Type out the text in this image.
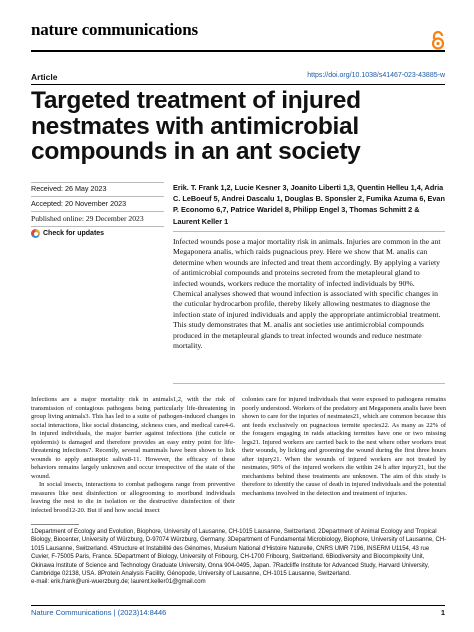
nature communications
Article	https://doi.org/10.1038/s41467-023-43885-w
Targeted treatment of injured nestmates with antimicrobial compounds in an ant society
Received: 26 May 2023
Accepted: 20 November 2023
Published online: 29 December 2023
Check for updates
Erik. T. Frank 1,2, Lucie Kesner 3, Joanito Liberti 1,3, Quentin Helleu 1,4, Adria C. LeBoeuf 5, Andrei Dascalu 1, Douglas B. Sponsler 2, Fumika Azuma 6, Evan P. Economo 6,7, Patrice Waridel 8, Philipp Engel 3, Thomas Schmitt 2 & Laurent Keller 1

Infected wounds pose a major mortality risk in animals. Injuries are common in the ant Megaponera analis, which raids pugnacious prey. Here we show that M. analis can determine when wounds are infected and treat them accordingly. By applying a variety of antimicrobial compounds and proteins secreted from the metapleural gland to infected wounds, workers reduce the mortality of infected individuals by 90%. Chemical analyses showed that wound infection is associated with specific changes in the cuticular hydrocarbon profile, thereby likely allowing nestmates to diagnose the infection state of injured individuals and apply the appropriate antimicrobial treatment. This study demonstrates that M. analis ant societies use antimicrobial compounds produced in the metapleural glands to treat infected wounds and reduce nestmate mortality.

Infections are a major mortality risk in animals1,2, with the risk of transmission of contagious pathogens being particularly life-threatening in group living animals3. This has led to a suite of pathogen-induced changes in social interactions, like social distancing, sickness cues, and medical care4-6. In injured individuals, the major barrier against infections (the cuticle or epidermis) is damaged and therefore provides an easy entry point for life-threatening infections7. Recently, several mammals have been shown to lick wounds to apply antiseptic saliva8-11. However, the efficacy of these behaviors remains largely unknown and occur irrespective of the state of the wound.

In social insects, interactions to combat pathogens range from preventive measures like nest disinfection or allogrooming to moribund individuals leaving the nest to die in isolation or the destructive disinfection of their infected brood12-20. But if and how social insect

colonies care for injured individuals that were exposed to pathogens remains poorly understood. Workers of the predatory ant Megaponera analis have been shown to care for the injuries of nestmates21, which are common because this ant feeds exclusively on pugnacious termite species22. As many as 22% of the foragers engaging in raids attacking termites have one or two missing legs21. Injured workers are carried back to the nest where other workers treat their wounds, by licking and grooming the wound during the first three hours after injury21. When the wounds of injured workers are not treated by nestmates, 90% of the injured workers die within 24 h after injury21, but the mechanisms behind these treatments are unknown. The aim of this study is therefore to identify the cause of death in injured individuals and the potential mechanisms involved in the detection and treatment of injuries.

1Department of Ecology and Evolution, Biophore, University of Lausanne, CH-1015 Lausanne, Switzerland. 2Department of Animal Ecology and Tropical Biology, Biocenter, University of Würzburg, D-97074 Würzburg, Germany. 3Department of Fundamental Microbiology, Biophore, University of Lausanne, CH-1015 Lausanne, Switzerland. 4Structure et Instabilité des Génomes, Muséum National d'Histoire Naturelle, CNRS UMR 7196, INSERM U1154, 43 rue Cuvier, F-75005 Paris, France. 5Department of Biology, University of Fribourg, CH-1700 Fribourg, Switzerland. 6Biodiversity and Biocomplexity Unit, Okinawa Institute of Science and Technology Graduate University, Onna 904-0495, Japan. 7Radcliffe Institute for Advanced Study, Harvard University, Cambridge 02138, USA. 8Protein Analysis Facility, Génopode, University of Lausanne, CH-1015 Lausanne, Switzerland.

e-mail: erik.frank@uni-wuerzburg.de; laurent.keller01@gmail.com

Nature Communications | (2023)14:8446	1
